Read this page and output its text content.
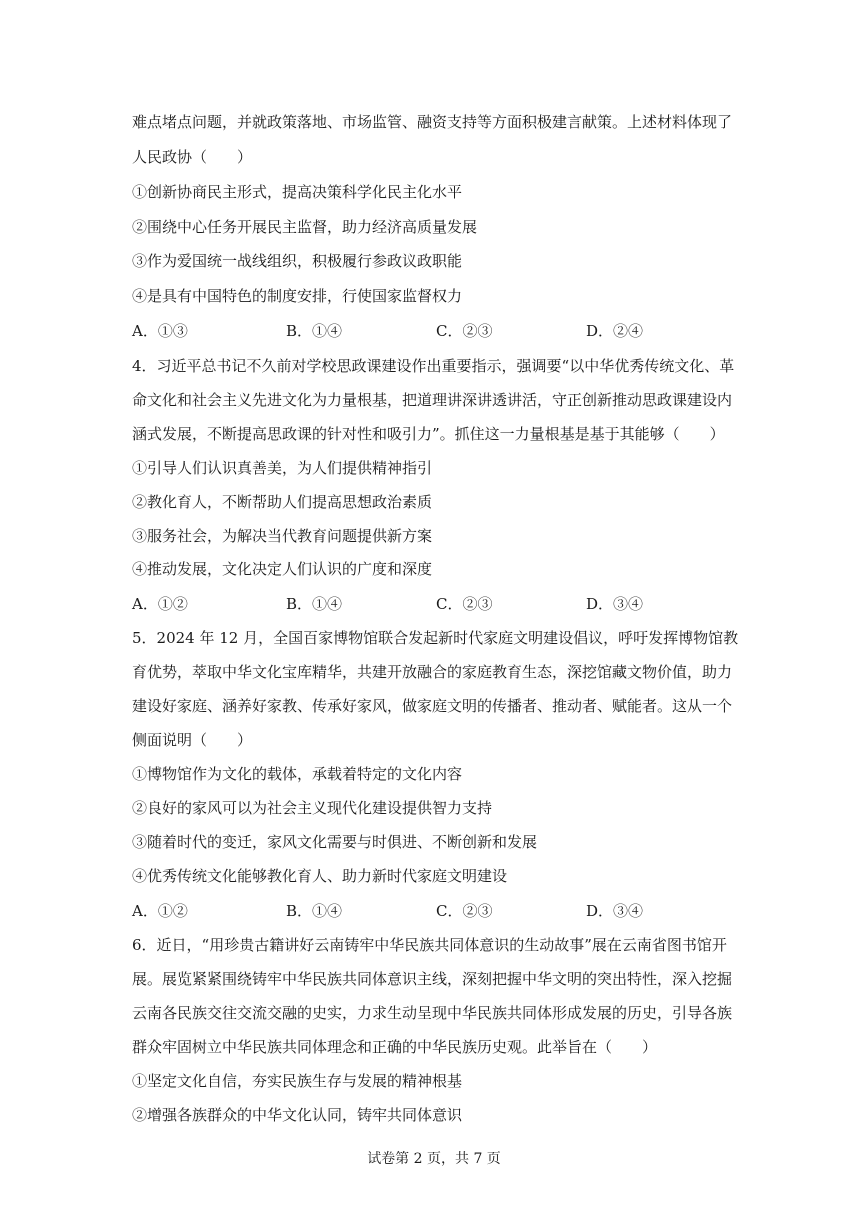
难点堵点问题，并就政策落地、市场监管、融资支持等方面积极建言献策。上述材料体现了
人民政协（　　）
①创新协商民主形式，提高决策科学化民主化水平
②围绕中心任务开展民主监督，助力经济高质量发展
③作为爱国统一战线组织，积极履行参政议政职能
④是具有中国特色的制度安排，行使国家监督权力
A．①③	B．①④	C．②③	D．②④
4．习近平总书记不久前对学校思政课建设作出重要指示，强调要“以中华优秀传统文化、革
命文化和社会主义先进文化为力量根基，把道理讲深讲透讲活，守正创新推动思政课建设内
涵式发展，不断提高思政课的针对性和吸引力”。抓住这一力量根基是基于其能够（　　）
①引导人们认识真善美，为人们提供精神指引
②教化育人，不断帮助人们提高思想政治素质
③服务社会，为解决当代教育问题提供新方案
④推动发展，文化决定人们认识的广度和深度
A．①②	B．①④	C．②③	D．③④
5．2024 年 12 月，全国百家博物馆联合发起新时代家庭文明建设倡议，呼吁发挥博物馆教
育优势，萃取中华文化宝库精华，共建开放融合的家庭教育生态，深挖馆藏文物价值，助力
建设好家庭、涵养好家教、传承好家风，做家庭文明的传播者、推动者、赋能者。这从一个
侧面说明（　　）
①博物馆作为文化的载体，承载着特定的文化内容
②良好的家风可以为社会主义现代化建设提供智力支持
③随着时代的变迁，家风文化需要与时俱进、不断创新和发展
④优秀传统文化能够教化育人、助力新时代家庭文明建设
A．①②	B．①④	C．②③	D．③④
6．近日，“用珍贵古籍讲好云南铸牢中华民族共同体意识的生动故事”展在云南省图书馆开
展。展览紧紧围绕铸牢中华民族共同体意识主线，深刻把握中华文明的突出特性，深入挖掘
云南各民族交往交流交融的史实，力求生动呈现中华民族共同体形成发展的历史，引导各族
群众牢固树立中华民族共同体理念和正确的中华民族历史观。此举旨在（　　）
①坚定文化自信，夯实民族生存与发展的精神根基
②增强各族群众的中华文化认同，铸牢共同体意识
试卷第 2 页，共 7 页
